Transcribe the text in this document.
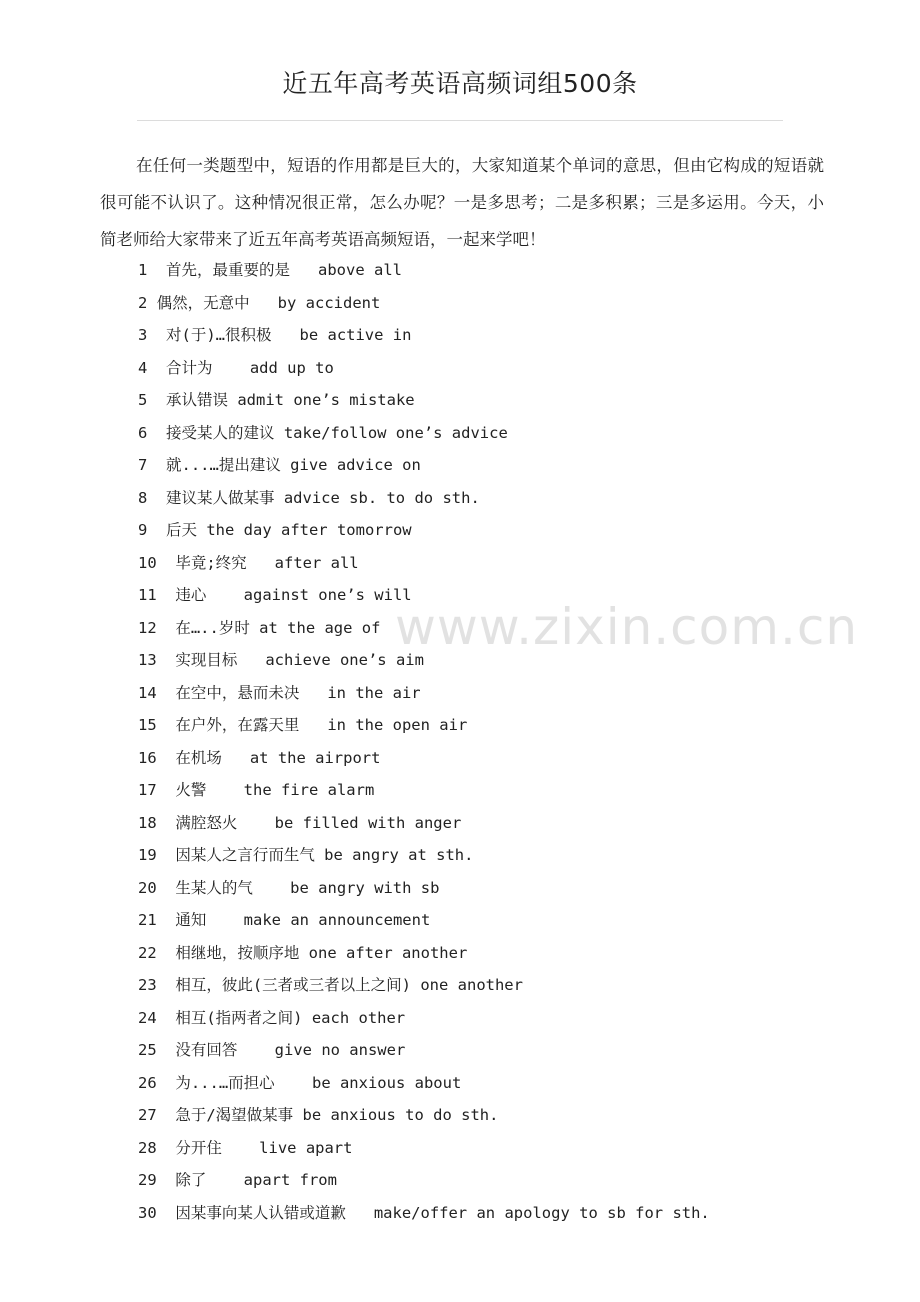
近五年高考英语高频词组500条
在任何一类题型中，短语的作用都是巨大的，大家知道某个单词的意思，但由它构成的短语就很可能不认识了。这种情况很正常，怎么办呢？一是多思考；二是多积累；三是多运用。今天，小简老师给大家带来了近五年高考英语高频短语，一起来学吧！
1  首先，最重要的是   above all
2 偶然，无意中   by accident
3  对(于)…很积极   be active in
4  合计为    add up to
5  承认错误 admit one’s mistake
6  接受某人的建议 take/follow one’s advice
7  就...…提出建议 give advice on
8  建议某人做某事 advice sb. to do sth.
9  后天 the day after tomorrow
10  毕竟;终究   after all
11  违心    against one’s will
12  在…..岁时 at the age of
13  实现目标   achieve one’s aim
14  在空中，悬而未决   in the air
15  在户外，在露天里   in the open air
16  在机场   at the airport
17  火警    the fire alarm
18  满腔怒火    be filled with anger
19  因某人之言行而生气 be angry at sth.
20  生某人的气    be angry with sb
21  通知    make an announcement
22  相继地，按顺序地 one after another
23  相互，彼此(三者或三者以上之间) one another
24  相互(指两者之间) each other
25  没有回答    give no answer
26  为...…而担心    be anxious about
27  急于/渴望做某事 be anxious to do sth.
28  分开住    live apart
29  除了    apart from
30  因某事向某人认错或道歉   make/offer an apology to sb for sth.
www.zixin.com.cn
